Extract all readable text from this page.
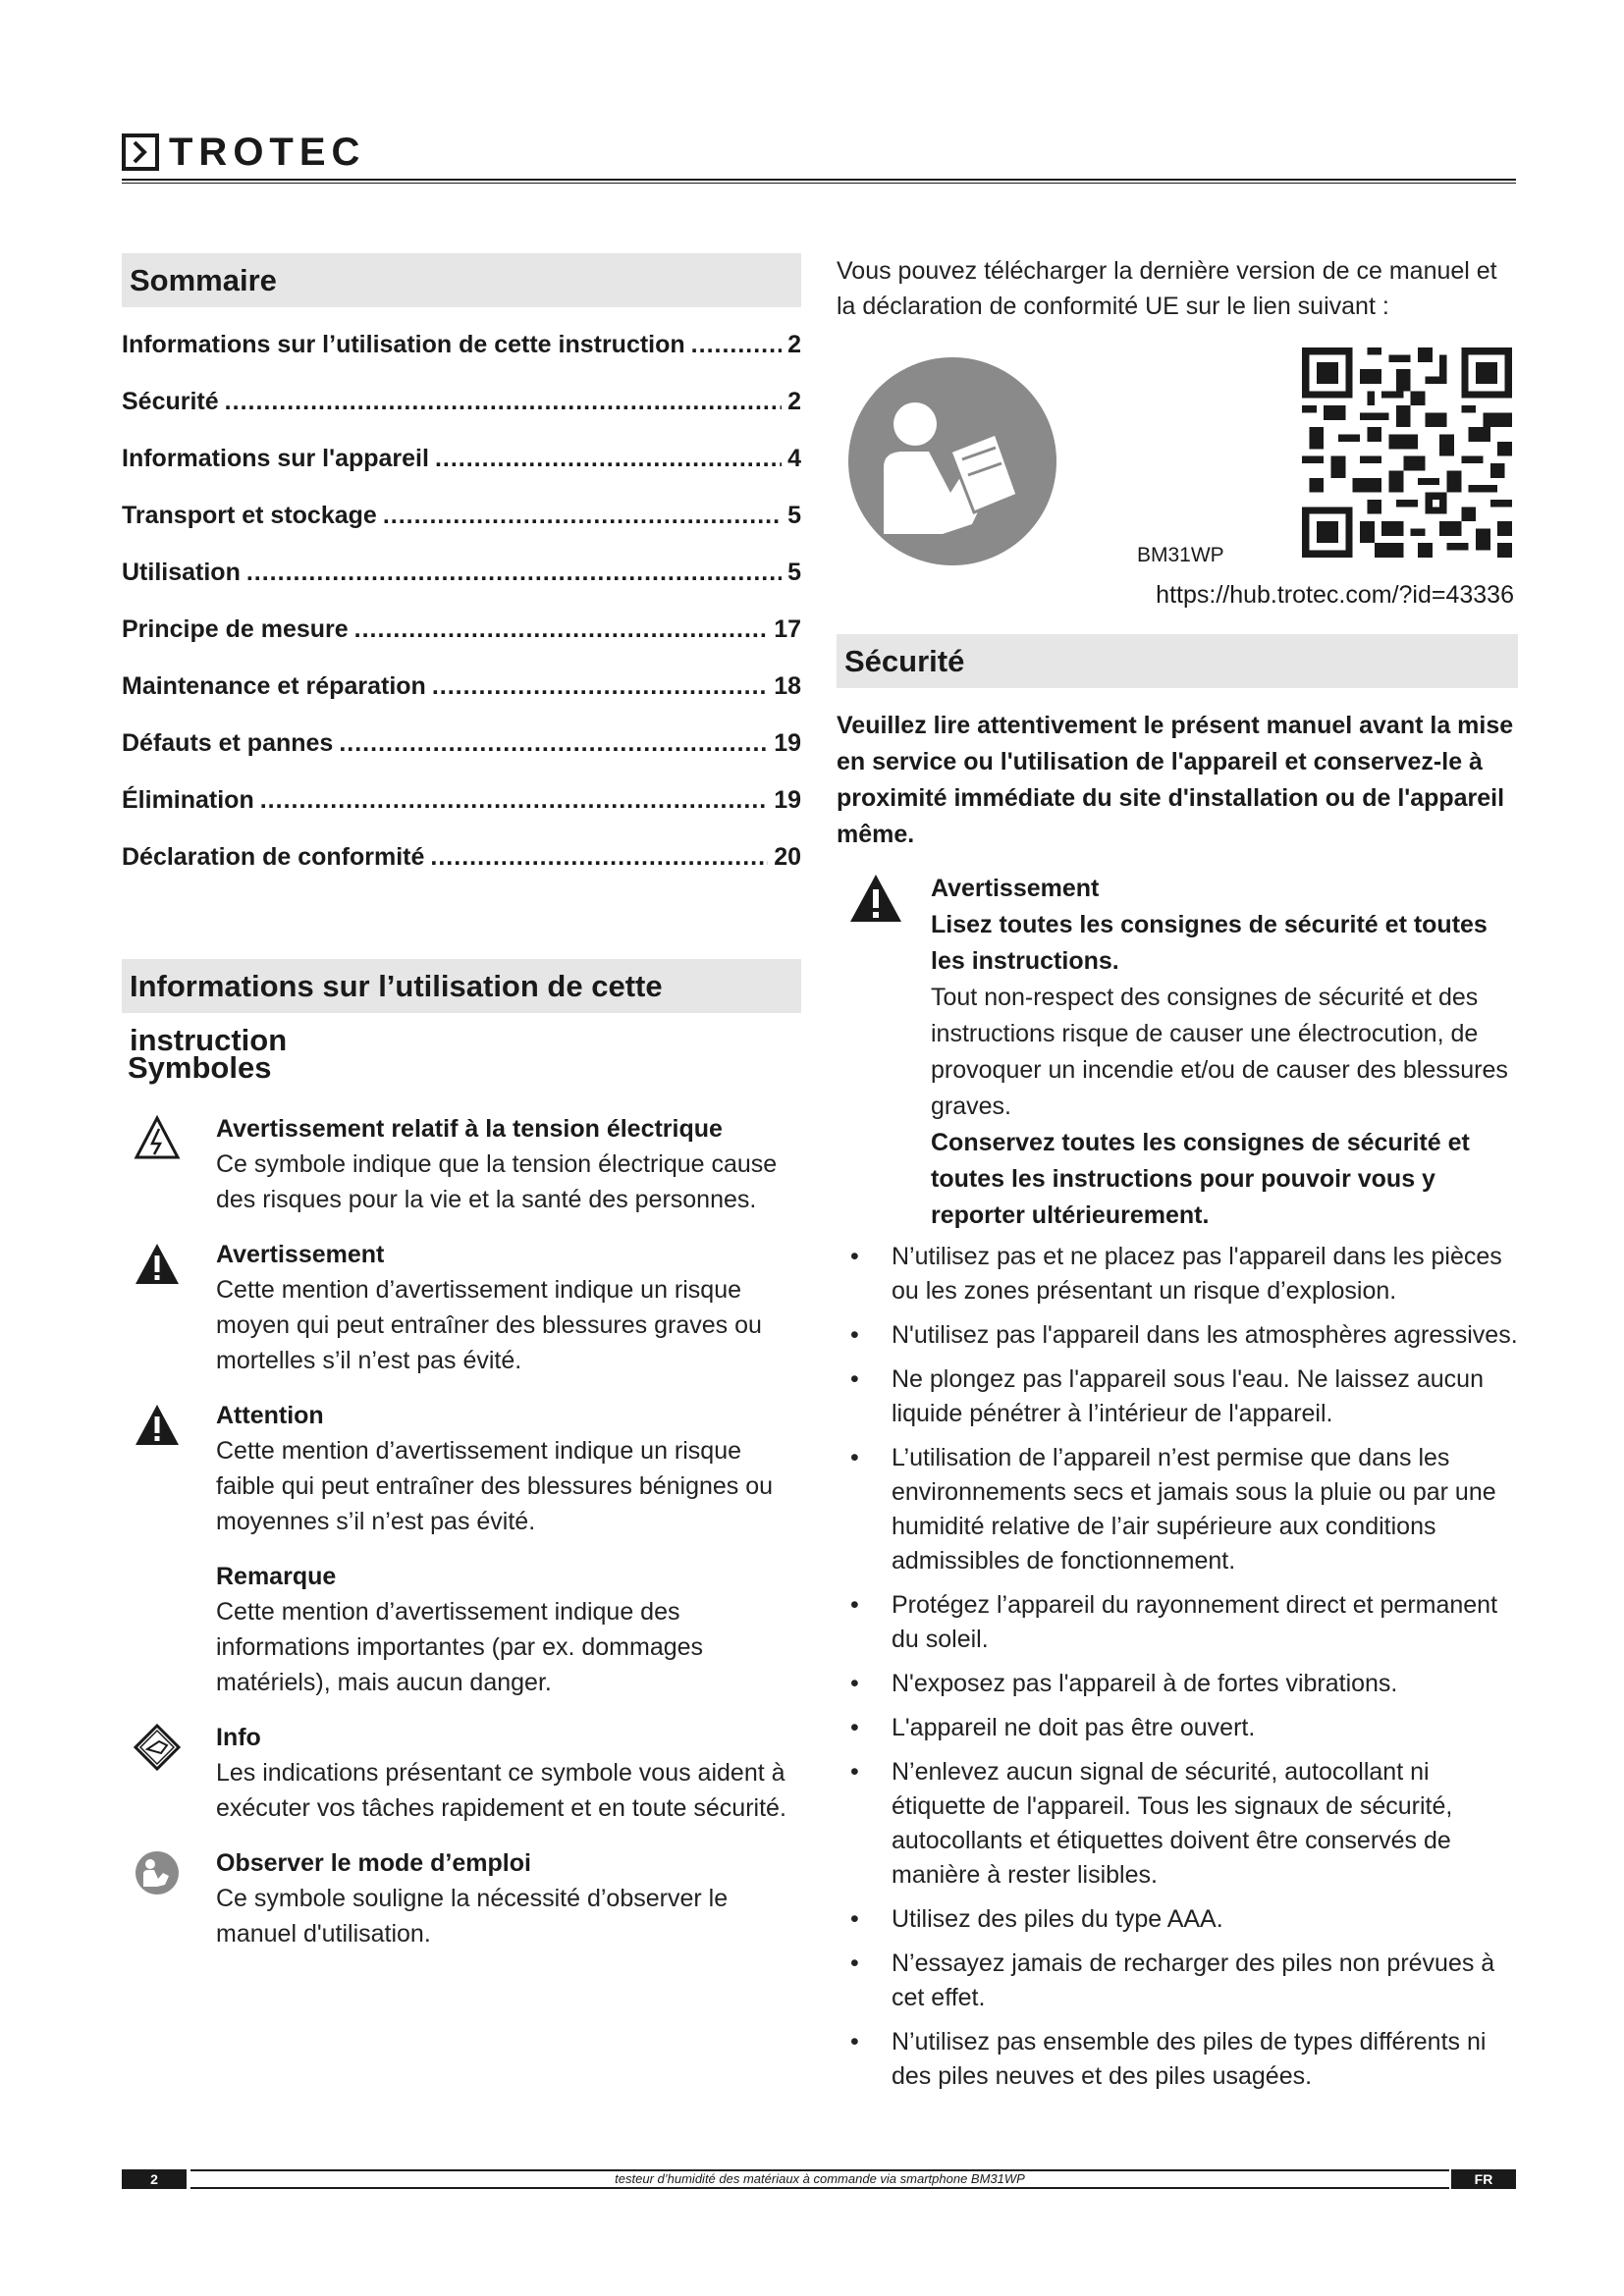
TROTEC
Sommaire
Informations sur l’utilisation de cette instruction .....	2
Sécurité .....	2
Informations sur l'appareil .....	4
Transport et stockage .....	5
Utilisation .....	5
Principe de mesure .....	17
Maintenance et réparation .....	18
Défauts et pannes .....	19
Élimination .....	19
Déclaration de conformité .....	20
Informations sur l’utilisation de cette instruction
Symboles
Avertissement relatif à la tension électrique
Ce symbole indique que la tension électrique cause des risques pour la vie et la santé des personnes.
Avertissement
Cette mention d’avertissement indique un risque moyen qui peut entraîner des blessures graves ou mortelles s’il n’est pas évité.
Attention
Cette mention d’avertissement indique un risque faible qui peut entraîner des blessures bénignes ou moyennes s’il n’est pas évité.
Remarque
Cette mention d’avertissement indique des informations importantes (par ex. dommages matériels), mais aucun danger.
Info
Les indications présentant ce symbole vous aident à exécuter vos tâches rapidement et en toute sécurité.
Observer le mode d’emploi
Ce symbole souligne la nécessité d’observer le manuel d'utilisation.
Vous pouvez télécharger la dernière version de ce manuel et la déclaration de conformité UE sur le lien suivant :
BM31WP
https://hub.trotec.com/?id=43336
Sécurité
Veuillez lire attentivement le présent manuel avant la mise en service ou l'utilisation de l'appareil et conservez-le à proximité immédiate du site d'installation ou de l'appareil même.
Avertissement
Lisez toutes les consignes de sécurité et toutes les instructions.
Tout non-respect des consignes de sécurité et des instructions risque de causer une électrocution, de provoquer un incendie et/ou de causer des blessures graves.
Conservez toutes les consignes de sécurité et toutes les instructions pour pouvoir vous y reporter ultérieurement.
• N’utilisez pas et ne placez pas l'appareil dans les pièces ou les zones présentant un risque d’explosion.
• N'utilisez pas l'appareil dans les atmosphères agressives.
• Ne plongez pas l'appareil sous l'eau. Ne laissez aucun liquide pénétrer à l’intérieur de l'appareil.
• L’utilisation de l’appareil n’est permise que dans les environnements secs et jamais sous la pluie ou par une humidité relative de l’air supérieure aux conditions admissibles de fonctionnement.
• Protégez l’appareil du rayonnement direct et permanent du soleil.
• N'exposez pas l'appareil à de fortes vibrations.
• L'appareil ne doit pas être ouvert.
• N’enlevez aucun signal de sécurité, autocollant ni étiquette de l'appareil. Tous les signaux de sécurité, autocollants et étiquettes doivent être conservés de manière à rester lisibles.
• Utilisez des piles du type AAA.
• N’essayez jamais de recharger des piles non prévues à cet effet.
• N’utilisez pas ensemble des piles de types différents ni des piles neuves et des piles usagées.
2	testeur d’humidité des matériaux à commande via smartphone BM31WP	FR
